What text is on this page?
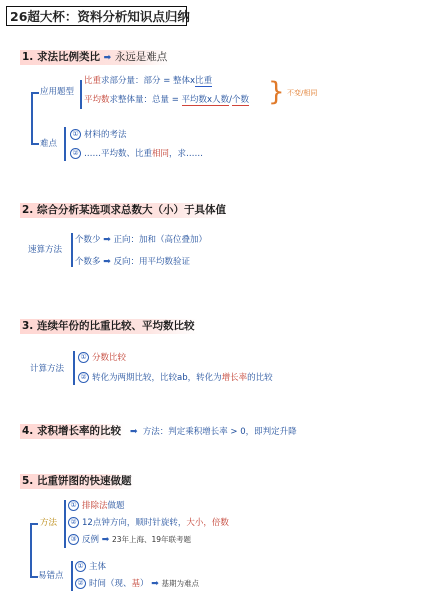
26超大杯：资料分析知识点归纳
1. 求法比例类比 ➡ 永远是难点
应用题型
比重求部分量：部分 = 整体x比重
平均数求整体量：总量 = 平均数x人数/个数 } 不变/相同
难点
① 材料的考法
② ……平均数、比重相同，求……
2. 综合分析某选项求总数大（小）于具体值
速算方法
个数少 ➡ 正向：加和（高位叠加）
个数多 ➡ 反向：用平均数验证
3. 连续年份的比重比较、平均数比较
计算方法
① 分数比较
② 转化为两期比较，比较ab，转化为增长率的比较
4. 求积增长率的比较 ➡ 方法：判定乘积增长率 > 0，即判定升降
5. 比重饼图的快速做题
方法
① 排除法做题
② 12点钟方向，顺时针旋转，大小，倍数
③ 反例 ➡ 23年上海、19年联考题
易错点
① 主体
② 时间（现、基） ➡ 基期为难点
